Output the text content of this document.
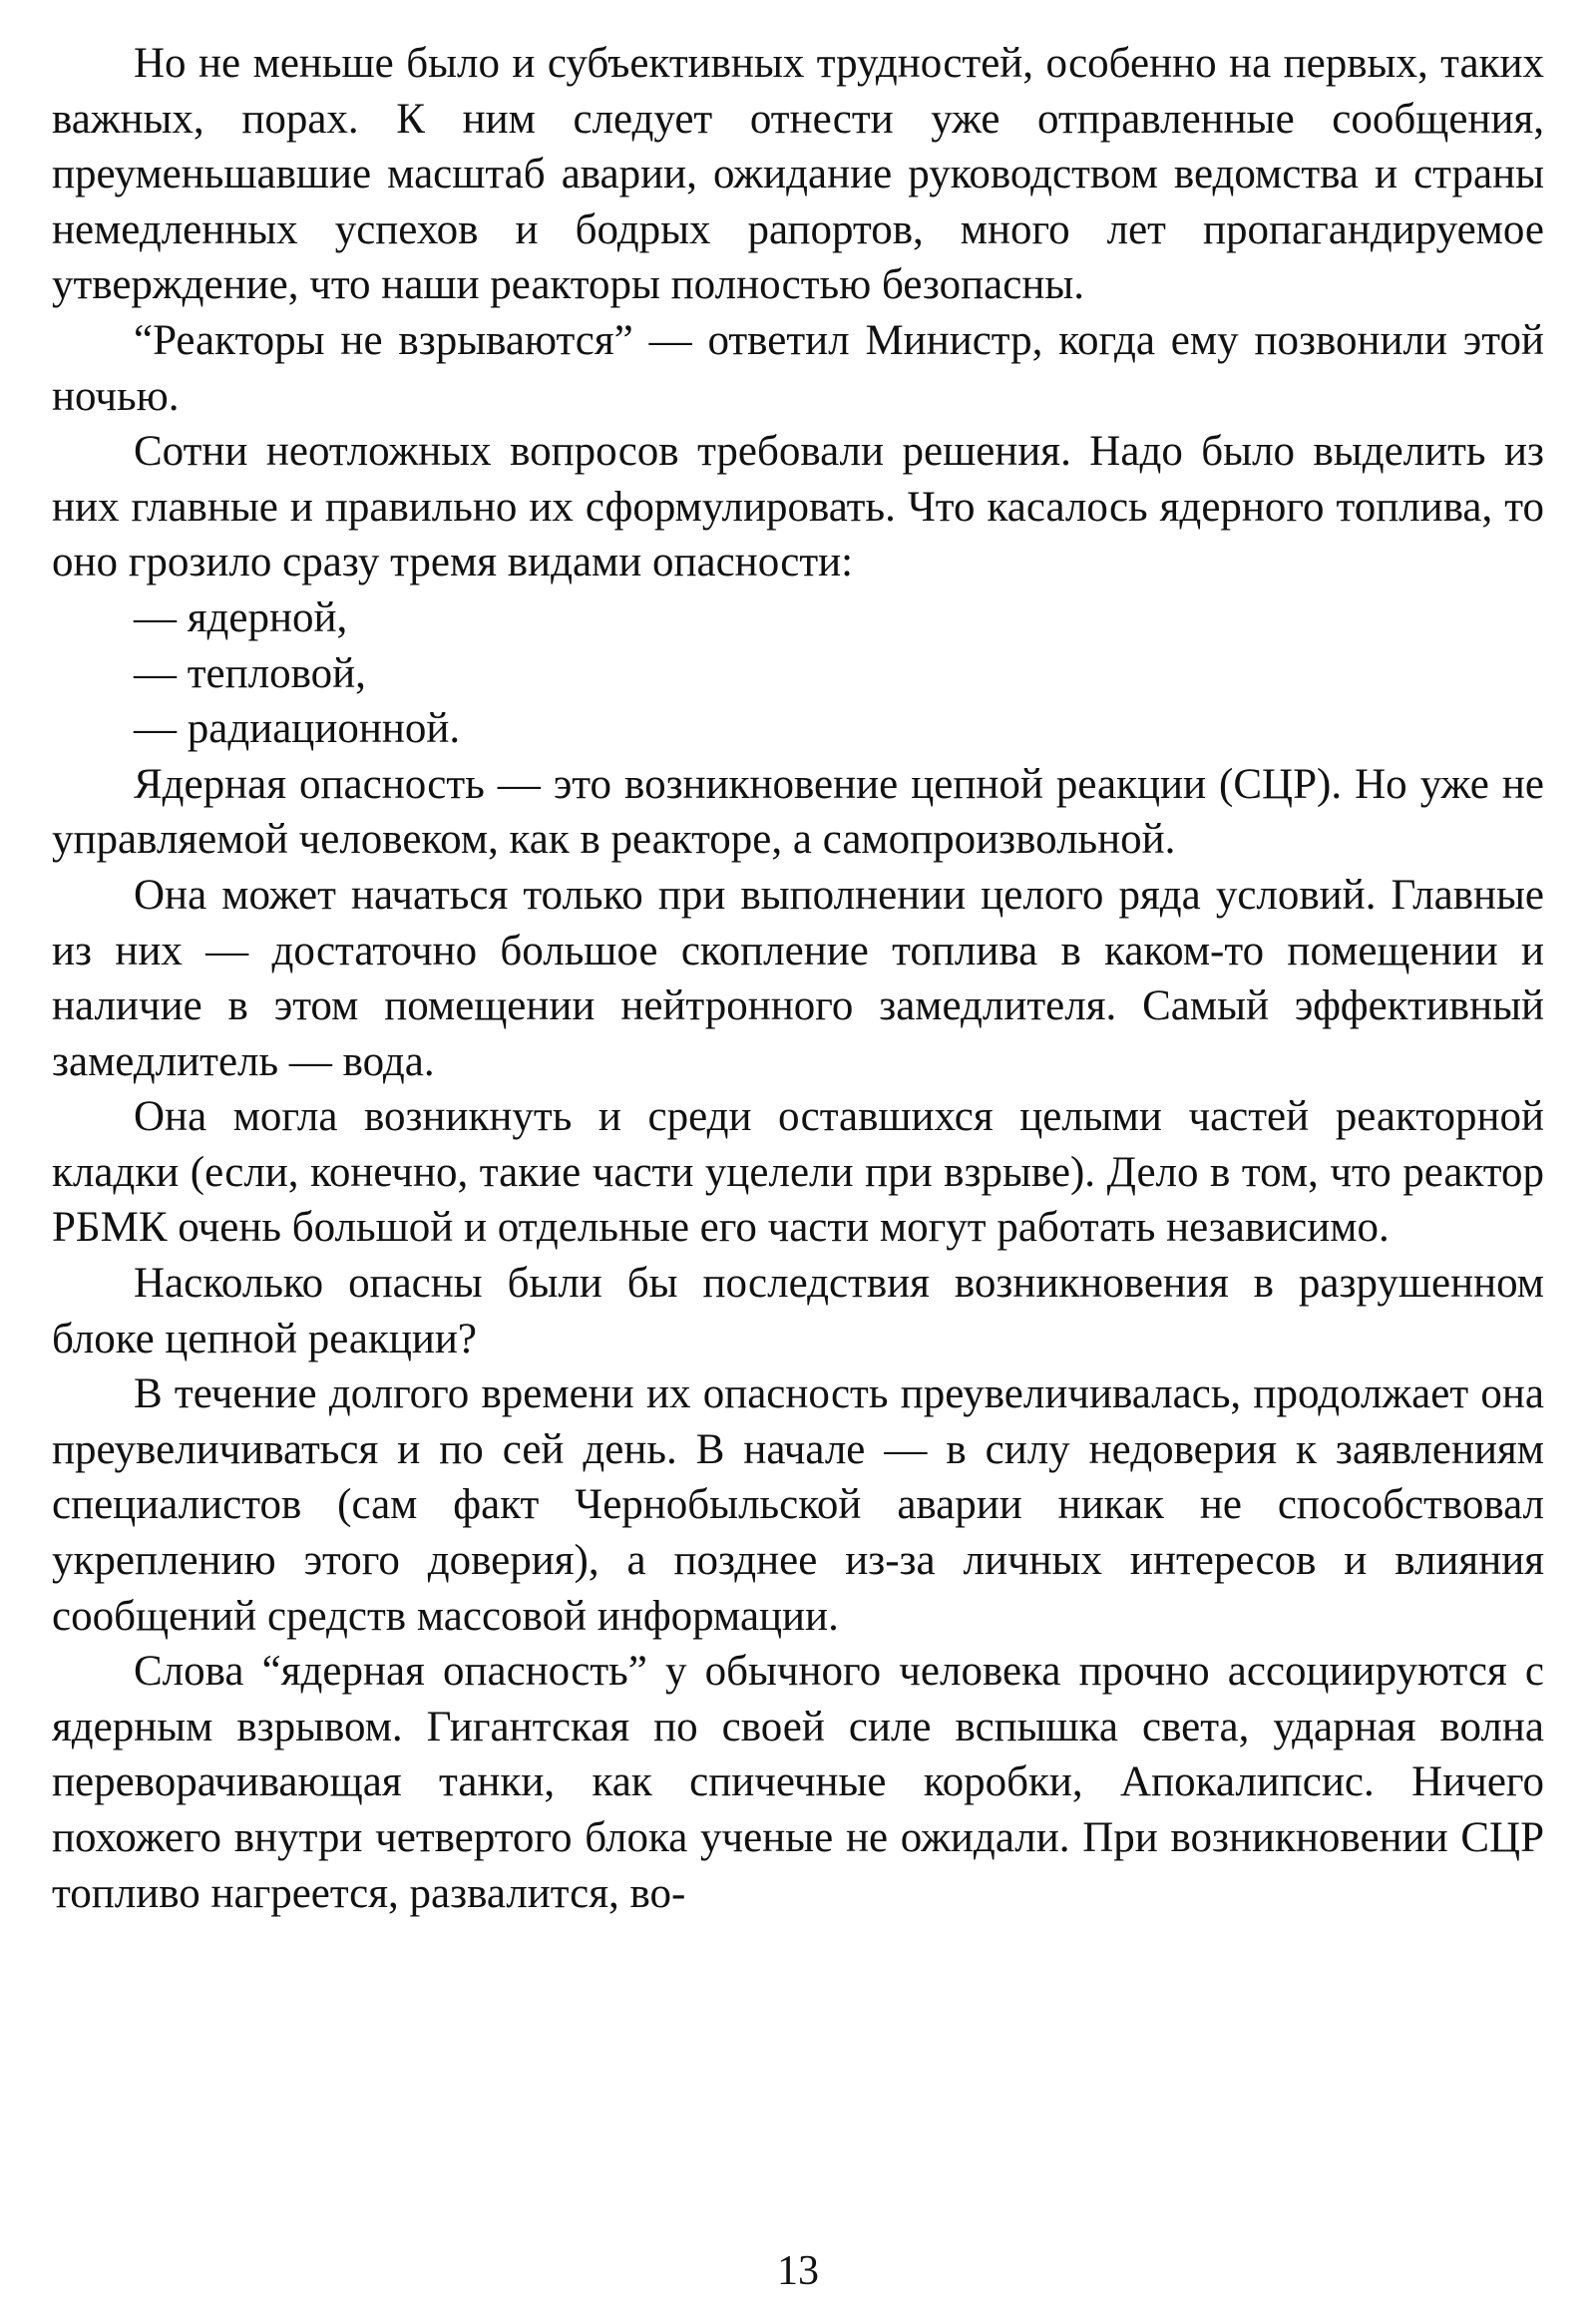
Но не меньше было и субъективных трудностей, особенно на первых, таких важных, порах. К ним следует отнести уже отправленные сообщения, преуменьшавшие масштаб аварии, ожидание руководством ведомства и страны немедленных успехов и бодрых рапортов, много лет пропагандируемое утверждение, что наши реакторы полностью безопасны.

“Реакторы не взрываются” — ответил Министр, когда ему позвонили этой ночью.

Сотни неотложных вопросов требовали решения. Надо было выделить из них главные и правильно их сформулировать. Что касалось ядерного топлива, то оно грозило сразу тремя видами опасности:

— ядерной,

— тепловой,

— радиационной.

Ядерная опасность — это возникновение цепной реакции (СЦР). Но уже не управляемой человеком, как в реакторе, а самопроизвольной.

Она может начаться только при выполнении целого ряда условий. Главные из них — достаточно большое скопление топлива в каком-то помещении и наличие в этом помещении нейтронного замедлителя. Самый эффективный замедлитель — вода.

Она могла возникнуть и среди оставшихся целыми частей реакторной кладки (если, конечно, такие части уцелели при взрыве). Дело в том, что реактор РБМК очень большой и отдельные его части могут работать независимо.

Насколько опасны были бы последствия возникновения в разрушенном блоке цепной реакции?

В течение долгого времени их опасность преувеличивалась, продолжает она преувеличиваться и по сей день. В начале — в силу недоверия к заявлениям специалистов (сам факт Чернобыльской аварии никак не способствовал укреплению этого доверия), а позднее из-за личных интересов и влияния сообщений средств массовой информации.

Слова “ядерная опасность” у обычного человека прочно ассоциируются с ядерным взрывом. Гигантская по своей силе вспышка света, ударная волна переворачивающая танки, как спичечные коробки, Апокалипсис. Ничего похожего внутри четвертого блока ученые не ожидали. При возникновении СЦР топливо нагреется, развалится, во-

13
